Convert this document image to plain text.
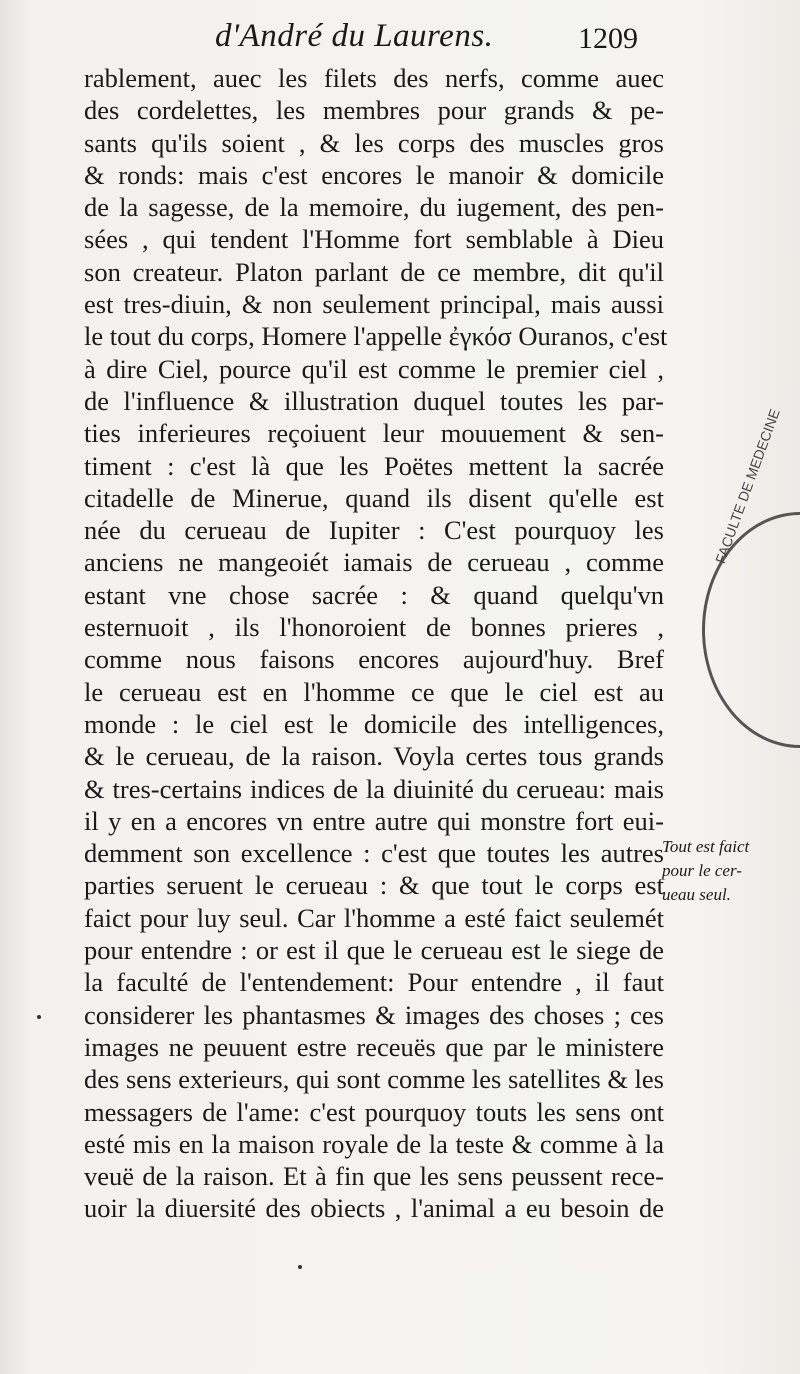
d'André du Laurens.	1209
rablement, auec les filets des nerfs, comme auec
des cordelettes, les membres pour grands & pe-
sants qu'ils soient , & les corps des muscles gros
& ronds: mais c'est encores le manoir & domicile
de la sagesse, de la memoire, du iugement, des pen-
sées , qui tendent l'Homme fort semblable à Dieu
son createur. Platon parlant de ce membre, dit qu'il
est tres-diuin, & non seulement principal, mais aussi
le tout du corps, Homere l'appelle ἐγκόσ Ouranos, c'est
à dire Ciel, pource qu'il est comme le premier ciel ,
de l'influence & illustration duquel toutes les par-
ties inferieures reçoiuent leur mouuement & sen-
timent : c'est là que les Poëtes mettent la sacrée
citadelle de Minerue, quand ils disent qu'elle est
née du cerueau de Iupiter : C'est pourquoy les
anciens ne mangeoiét iamais de cerueau , comme
estant vne chose sacrée : & quand quelqu'vn
esternuoit , ils l'honoroient de bonnes prieres ,
comme nous faisons encores aujourd'huy. Bref
le cerueau est en l'homme ce que le ciel est au
monde : le ciel est le domicile des intelligences,
& le cerueau, de la raison. Voyla certes tous grands
& tres-certains indices de la diuinité du cerueau: mais
il y en a encores vn entre autre qui monstre fort eui-
demment son excellence : c'est que toutes les autres
parties seruent le cerueau : & que tout le corps est
faict pour luy seul. Car l'homme a esté faict seulemét
pour entendre : or est il que le cerueau est le siege de
la faculté de l'entendement: Pour entendre , il faut
considerer les phantasmes & images des choses ; ces
images ne peuuent estre receuës que par le ministere
des sens exterieurs, qui sont comme les satellites & les
messagers de l'ame: c'est pourquoy touts les sens ont
esté mis en la maison royale de la teste & comme à la
veuë de la raison. Et à fin que les sens peussent rece-
uoir la diuersité des obiects , l'animal a eu besoin de
Tout est faict
pour le cer-
ueau seul.
FACULTE DE MEDECINE
